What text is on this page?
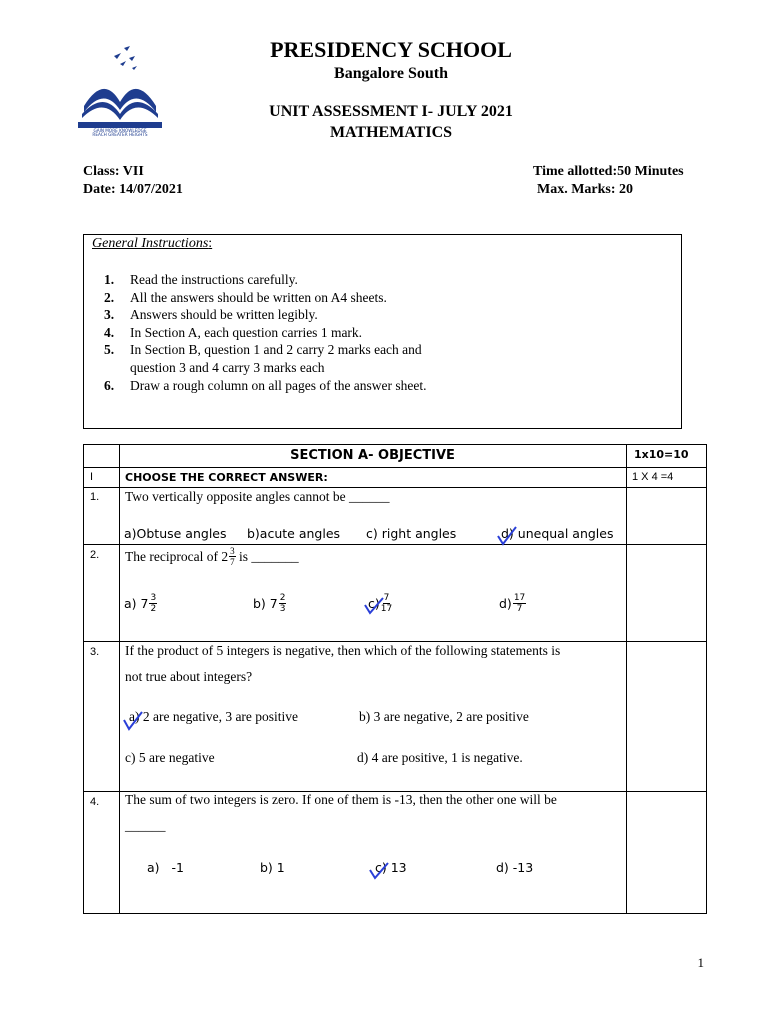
GAIN MORE KNOWLEDGE
REACH GREATER HEIGHTS
PRESIDENCY SCHOOL
Bangalore South
UNIT ASSESSMENT I- JULY 2021
MATHEMATICS
Class: VII
Date: 14/07/2021
Time allotted:50 Minutes
Max. Marks: 20
General Instructions:
1.	Read the instructions carefully.
2.	All the answers should be written on A4 sheets.
3.	Answers should be written legibly.
4.	In Section A, each question carries 1 mark.
5.	In Section B, question 1 and 2 carry 2 marks each and
question 3 and 4 carry 3 marks each
6.	Draw a rough column on all pages of the answer sheet.
SECTION A- OBJECTIVE	1x10=10
I	CHOOSE THE CORRECT ANSWER:	1 X 4 =4
1. Two vertically opposite angles cannot be ______
a)Obtuse angles b)acute angles c) right angles	d) unequal angles
2. The reciprocal of $2 \frac{3}{7}$ is _______
a) $7 \frac{3}{2}$	b) $7 \frac{2}{3}$	$c) \frac{7}{17}$	$d) \frac{17}{7}$
3. If the product of 5 integers is negative, then which of the following statements is
not true about integers?
a) 2 are negative, 3 are positive	b) 3 are negative, 2 are positive
c) 5 are negative	d) 4 are positive, 1 is negative.
4. The sum of two integers is zero. If one of them is -13, then the other one will be
______
a)   -1	b) 1	c) 13	d) -13
1
